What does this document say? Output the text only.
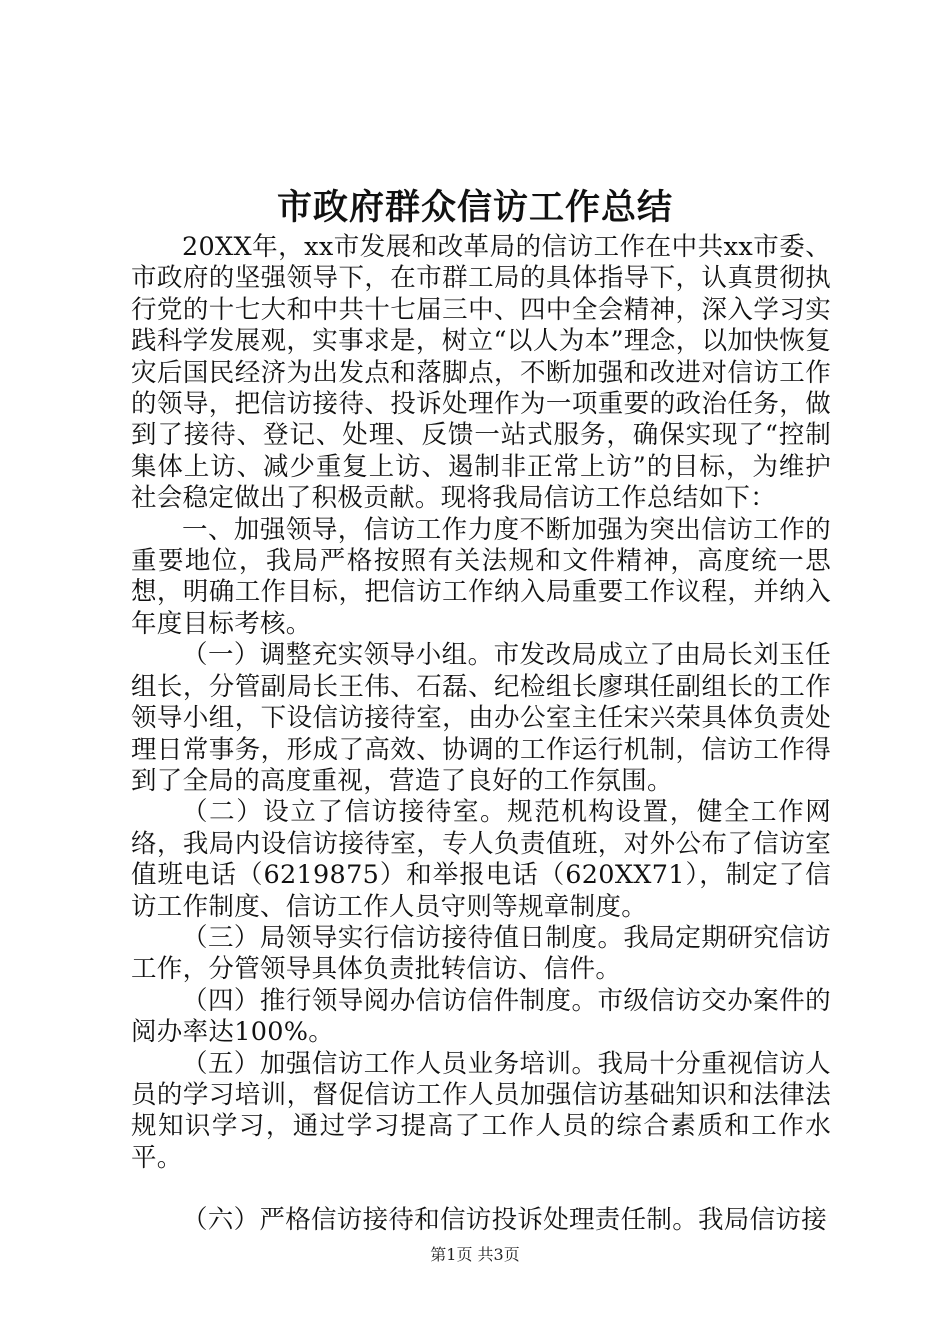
市政府群众信访工作总结

20XX年，xx市发展和改革局的信访工作在中共xx市委、市政府的坚强领导下，在市群工局的具体指导下，认真贯彻执行党的十七大和中共十七届三中、四中全会精神，深入学习实践科学发展观，实事求是，树立“以人为本”理念，以加快恢复灾后国民经济为出发点和落脚点，不断加强和改进对信访工作的领导，把信访接待、投诉处理作为一项重要的政治任务，做到了接待、登记、处理、反馈一站式服务，确保实现了“控制集体上访、减少重复上访、遏制非正常上访”的目标，为维护社会稳定做出了积极贡献。现将我局信访工作总结如下：

一、加强领导，信访工作力度不断加强为突出信访工作的重要地位，我局严格按照有关法规和文件精神，高度统一思想，明确工作目标，把信访工作纳入局重要工作议程，并纳入年度目标考核。

（一）调整充实领导小组。市发改局成立了由局长刘玉任组长，分管副局长王伟、石磊、纪检组长廖琪任副组长的工作领导小组，下设信访接待室，由办公室主任宋兴荣具体负责处理日常事务，形成了高效、协调的工作运行机制，信访工作得到了全局的高度重视，营造了良好的工作氛围。

（二）设立了信访接待室。规范机构设置，健全工作网络，我局内设信访接待室，专人负责值班，对外公布了信访室值班电话（6219875）和举报电话（620XX71），制定了信访工作制度、信访工作人员守则等规章制度。

（三）局领导实行信访接待值日制度。我局定期研究信访工作，分管领导具体负责批转信访、信件。

（四）推行领导阅办信访信件制度。市级信访交办案件的阅办率达100%。

（五）加强信访工作人员业务培训。我局十分重视信访人员的学习培训，督促信访工作人员加强信访基础知识和法律法规知识学习，通过学习提高了工作人员的综合素质和工作水平。

（六）严格信访接待和信访投诉处理责任制。我局信访接

第1页 共3页
